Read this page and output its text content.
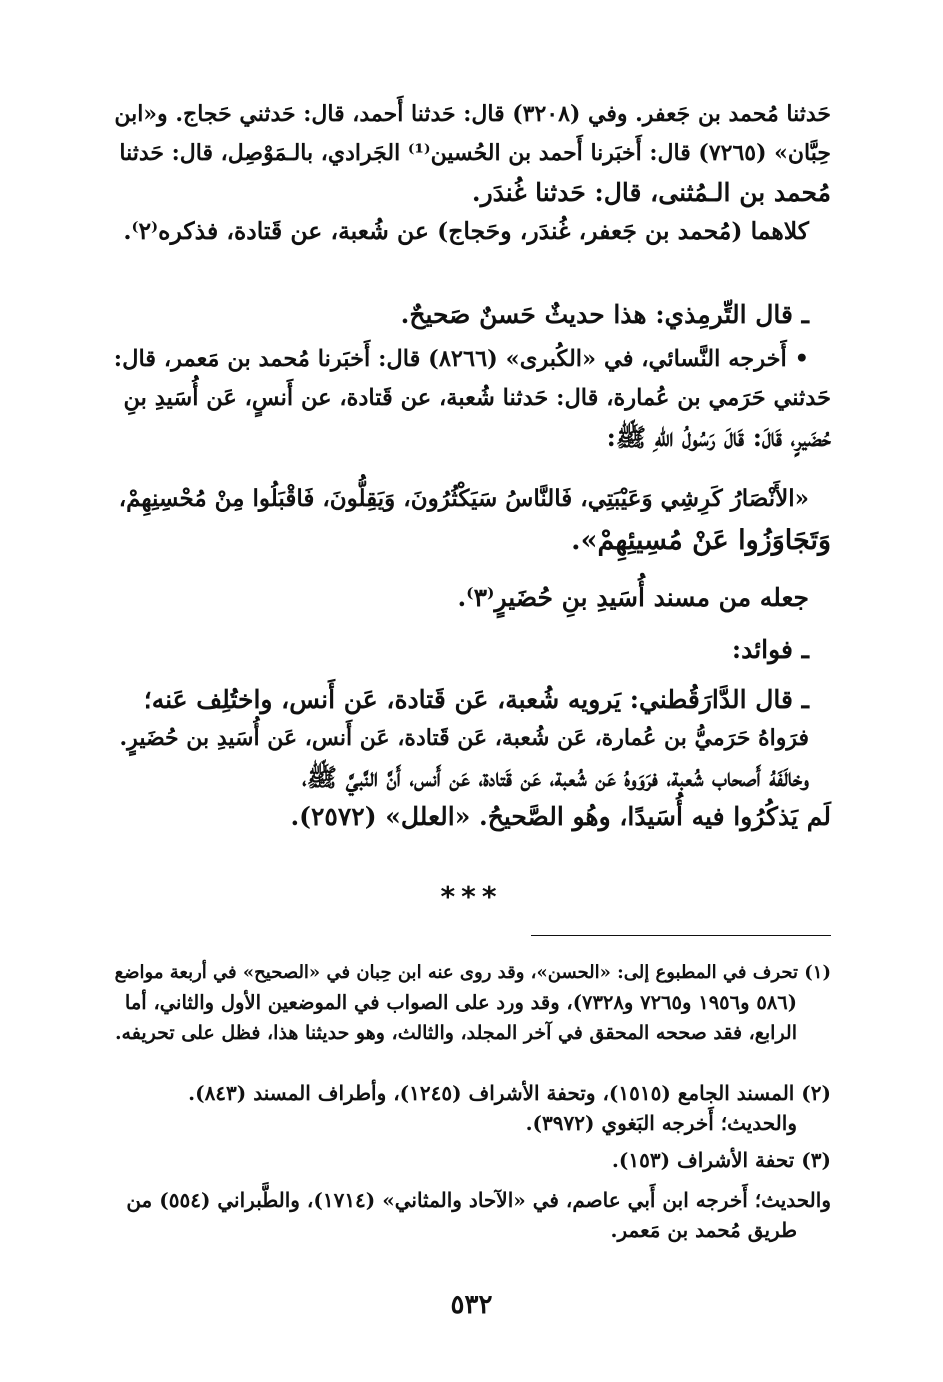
حَدثنا مُحمد بن جَعفر. وفي (٣٢٠٨) قال: حَدثنا أَحمد، قال: حَدثني حَجاج. و«ابن

حِبَّان» (٧٢٦٥) قال: أَخبَرنا أَحمد بن الحُسين⁽¹⁾ الجَرادي، بالـمَوْصِل، قال: حَدثنا

مُحمد بن الـمُثنى، قال: حَدثنا غُندَر.

كلاهما (مُحمد بن جَعفر، غُندَر، وحَجاج) عن شُعبة، عن قَتادة، فذكره⁽٢⁾.

ـ قال التِّرمِذي: هذا حديثٌ حَسنٌ صَحيحٌ.

• أَخرجه النَّسائي، في «الكُبرى» (٨٢٦٦) قال: أَخبَرنا مُحمد بن مَعمر، قال:

حَدثني حَرَمي بن عُمارة، قال: حَدثنا شُعبة، عن قَتادة، عن أَنسٍ، عَن أُسَيدِ بنِ

حُضَيرٍ، قَالَ: قَالَ رَسُولُ اللهِ ﷺ:

«الأَنْصَارُ كَرِشِي وَعَيْبَتِي، فَالنَّاسُ سَيَكْثُرُونَ، وَيَقِلُّونَ، فَاقْبَلُوا مِنْ مُحْسِنِهِمْ،

وَتَجَاوَزُوا عَنْ مُسِيئِهِمْ».

جعله من مسند أُسَيدِ بنِ حُضَيرٍ⁽٣⁾.

ـ فوائد:

ـ قال الدَّارَقُطني: يَرويه شُعبة، عَن قَتادة، عَن أَنس، واختُلِف عَنه؛

فرَواهُ حَرَميُّ بن عُمارة، عَن شُعبة، عَن قَتادة، عَن أَنس، عَن أُسَيدِ بن حُضَيرٍ.

وخالَفَهُ أَصحاب شُعبة، فرَوَوهُ عَن شُعبة، عَن قَتادة، عَن أَنس، أَنَّ النَّبيَّ ﷺ،

لَم يَذكُرُوا فيه أُسَيدًا، وهُو الصَّحيحُ. «العلل» (٢٥٧٢).

***

(١) تحرف في المطبوع إلى: «الحسن»، وقد روى عنه ابن حِبان في «الصحيح» في أربعة مواضع

(٥٨٦ و١٩٥٦ و٧٢٦٥ و٧٣٢٨)، وقد ورد على الصواب في الموضعين الأول والثاني، أما

الرابع، فقد صححه المحقق في آخر المجلد، والثالث، وهو حديثنا هذا، فظل على تحريفه.

(٢) المسند الجامع (١٥١٥)، وتحفة الأشراف (١٢٤٥)، وأطراف المسند (٨٤٣).

والحديث؛ أَخرجه البَغوي (٣٩٧٢).

(٣) تحفة الأشراف (١٥٣).

والحديث؛ أَخرجه ابن أَبي عاصم، في «الآحاد والمثاني» (١٧١٤)، والطَّبراني (٥٥٤) من

طريق مُحمد بن مَعمر.

٥٣٢
